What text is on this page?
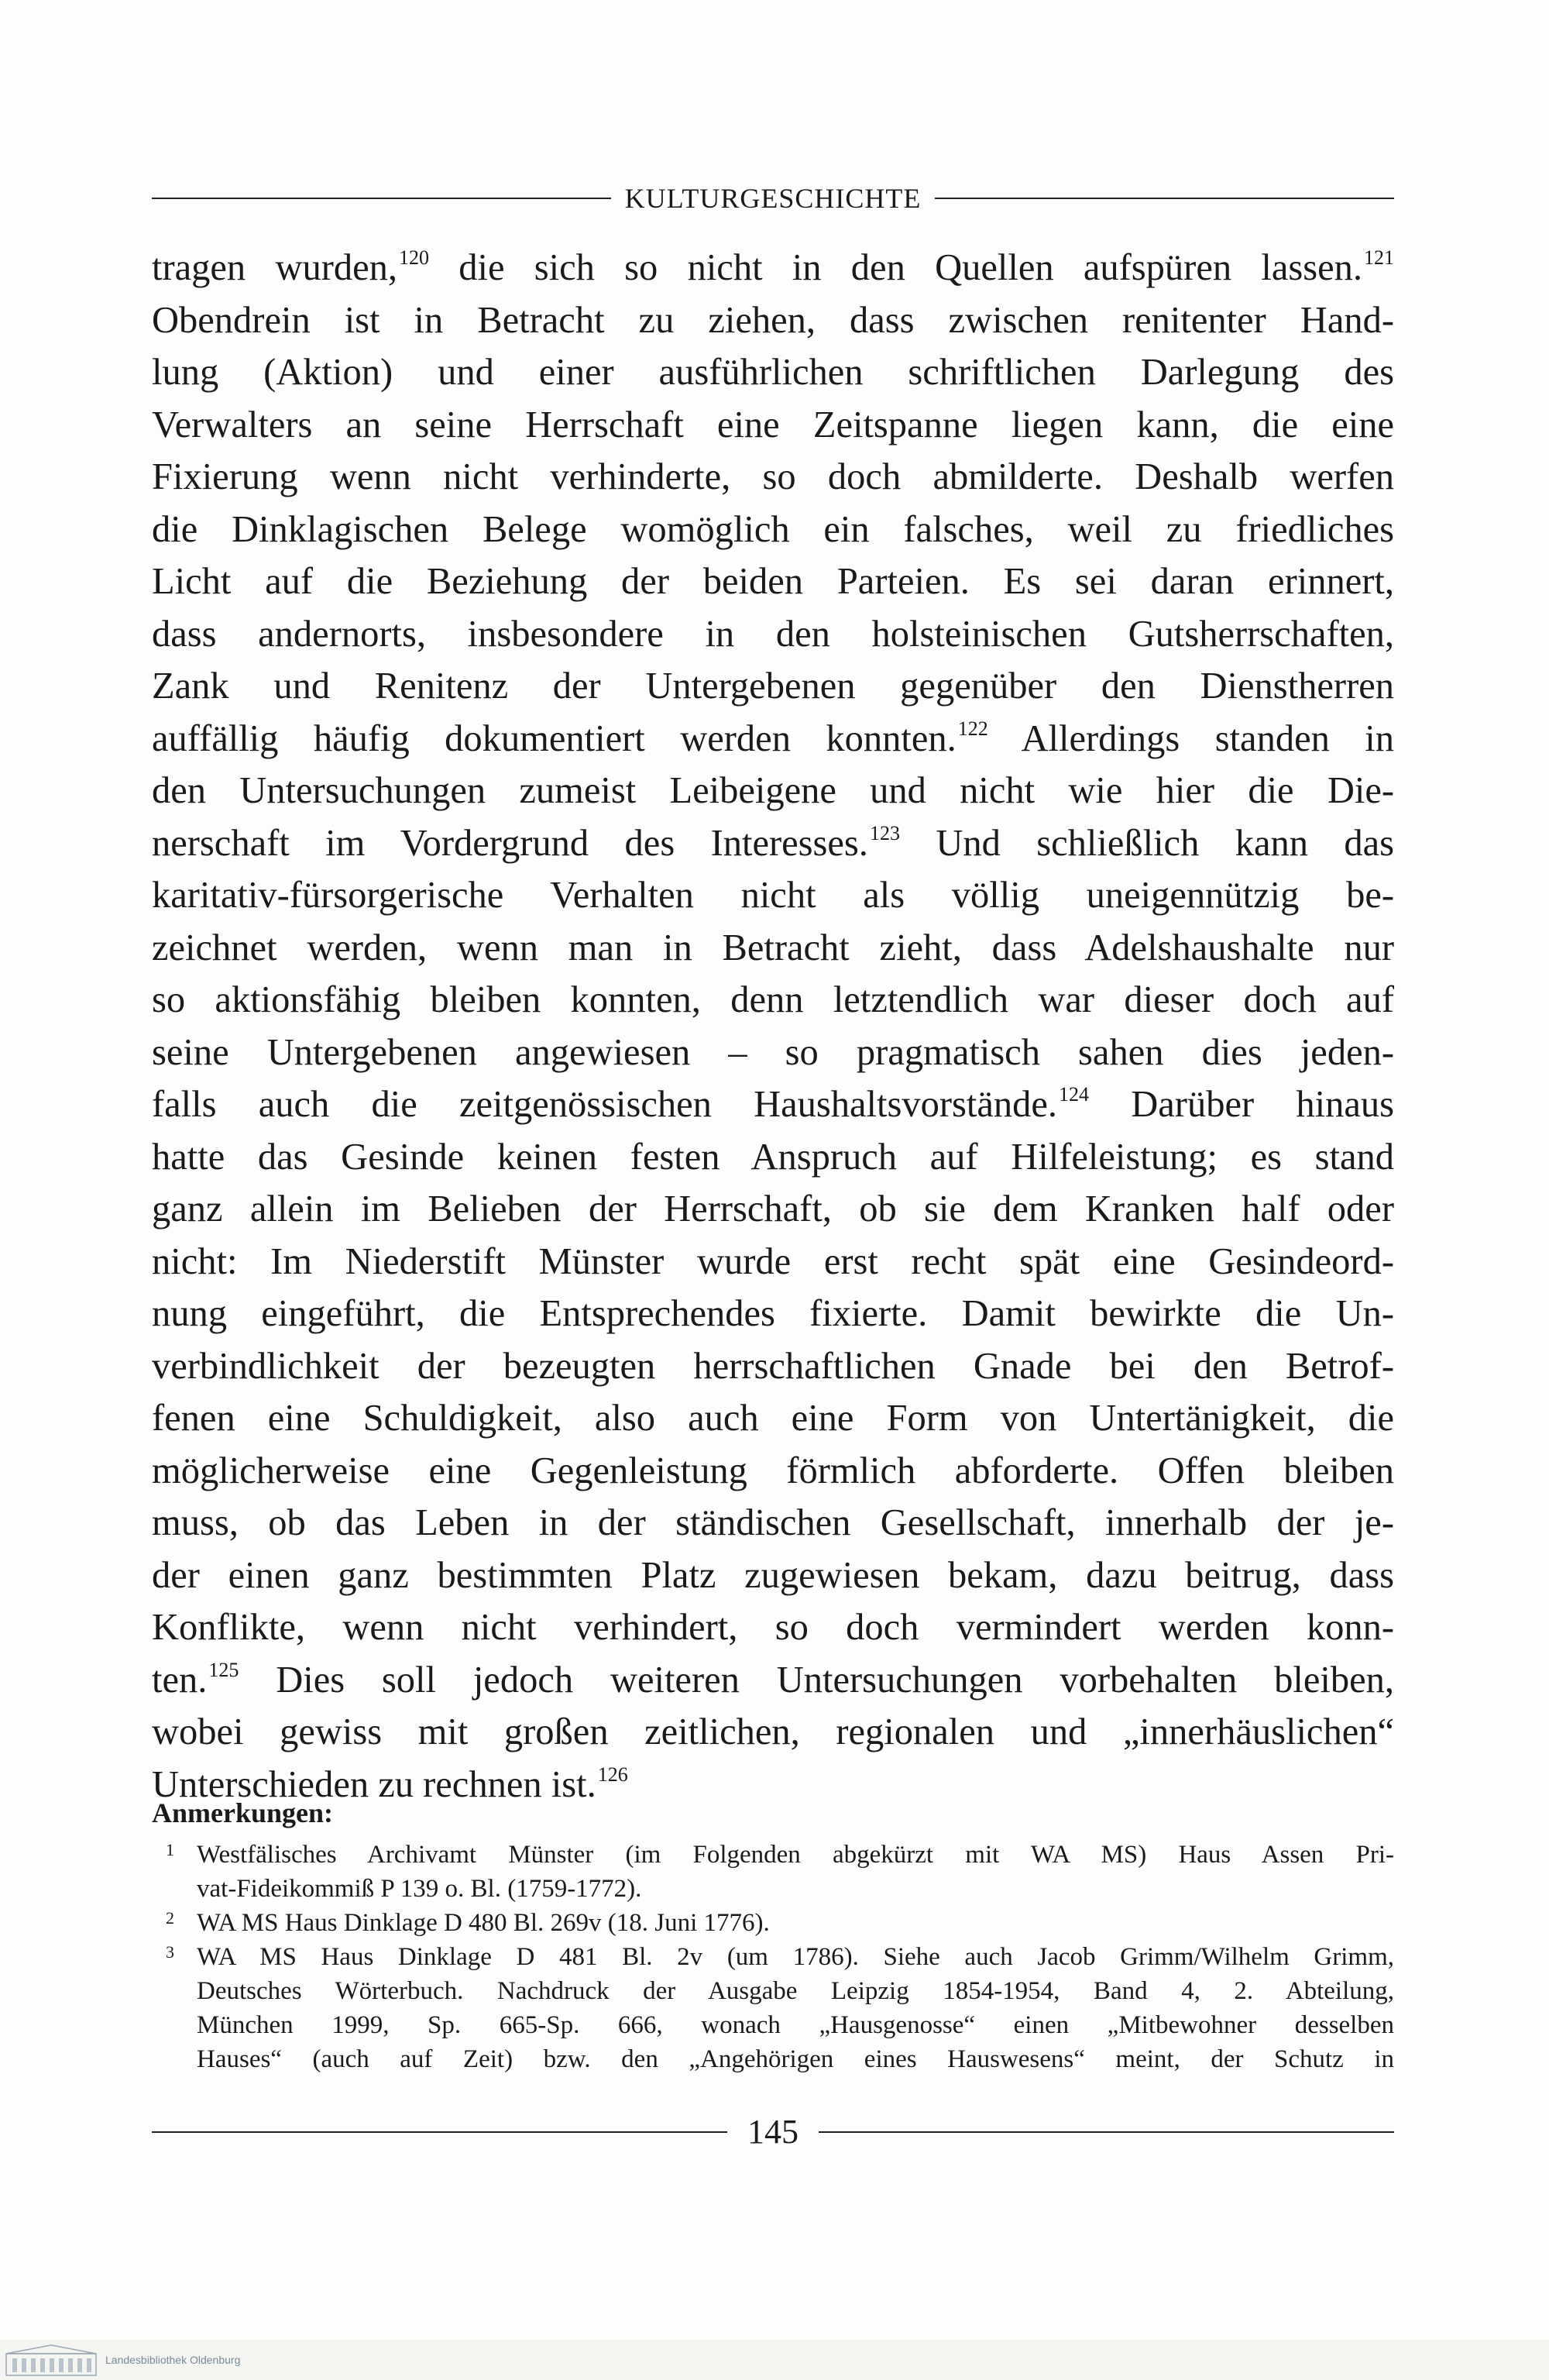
KULTURGESCHICHTE
tragen wurden,$^{120}$ die sich so nicht in den Quellen aufspüren lassen.$^{121}$
Obendrein ist in Betracht zu ziehen, dass zwischen renitenter Hand-
lung (Aktion) und einer ausführlichen schriftlichen Darlegung des
Verwalters an seine Herrschaft eine Zeitspanne liegen kann, die eine
Fixierung wenn nicht verhinderte, so doch abmilderte. Deshalb werfen
die Dinklagischen Belege womöglich ein falsches, weil zu friedliches
Licht auf die Beziehung der beiden Parteien. Es sei daran erinnert,
dass andernorts, insbesondere in den holsteinischen Gutsherrschaften,
Zank und Renitenz der Untergebenen gegenüber den Dienstherren
auffällig häufig dokumentiert werden konnten.$^{122}$ Allerdings standen in
den Untersuchungen zumeist Leibeigene und nicht wie hier die Die-
nerschaft im Vordergrund des Interesses.$^{123}$ Und schließlich kann das
karitativ-fürsorgerische Verhalten nicht als völlig uneigennützig be-
zeichnet werden, wenn man in Betracht zieht, dass Adelshaushalte nur
so aktionsfähig bleiben konnten, denn letztendlich war dieser doch auf
seine Untergebenen angewiesen – so pragmatisch sahen dies jeden-
falls auch die zeitgenössischen Haushaltsvorstände.$^{124}$ Darüber hinaus
hatte das Gesinde keinen festen Anspruch auf Hilfeleistung; es stand
ganz allein im Belieben der Herrschaft, ob sie dem Kranken half oder
nicht: Im Niederstift Münster wurde erst recht spät eine Gesindeord-
nung eingeführt, die Entsprechendes fixierte. Damit bewirkte die Un-
verbindlichkeit der bezeugten herrschaftlichen Gnade bei den Betrof-
fenen eine Schuldigkeit, also auch eine Form von Untertänigkeit, die
möglicherweise eine Gegenleistung förmlich abforderte. Offen bleiben
muss, ob das Leben in der ständischen Gesellschaft, innerhalb der je-
der einen ganz bestimmten Platz zugewiesen bekam, dazu beitrug, dass
Konflikte, wenn nicht verhindert, so doch vermindert werden konn-
ten.$^{125}$ Dies soll jedoch weiteren Untersuchungen vorbehalten bleiben,
wobei gewiss mit großen zeitlichen, regionalen und „innerhäuslichen“
Unterschieden zu rechnen ist.$^{126}$
Anmerkungen:
1 Westfälisches Archivamt Münster (im Folgenden abgekürzt mit WA MS) Haus Assen Pri-
vat-Fideikommiß P 139 o. Bl. (1759-1772).
2 WA MS Haus Dinklage D 480 Bl. 269v (18. Juni 1776).
3 WA MS Haus Dinklage D 481 Bl. 2v (um 1786). Siehe auch Jacob Grimm/Wilhelm Grimm,
Deutsches Wörterbuch. Nachdruck der Ausgabe Leipzig 1854-1954, Band 4, 2. Abteilung,
München 1999, Sp. 665-Sp. 666, wonach „Hausgenosse“ einen „Mitbewohner desselben
Hauses“ (auch auf Zeit) bzw. den „Angehörigen eines Hauswesens“ meint, der Schutz in
145
Landesbibliothek Oldenburg
